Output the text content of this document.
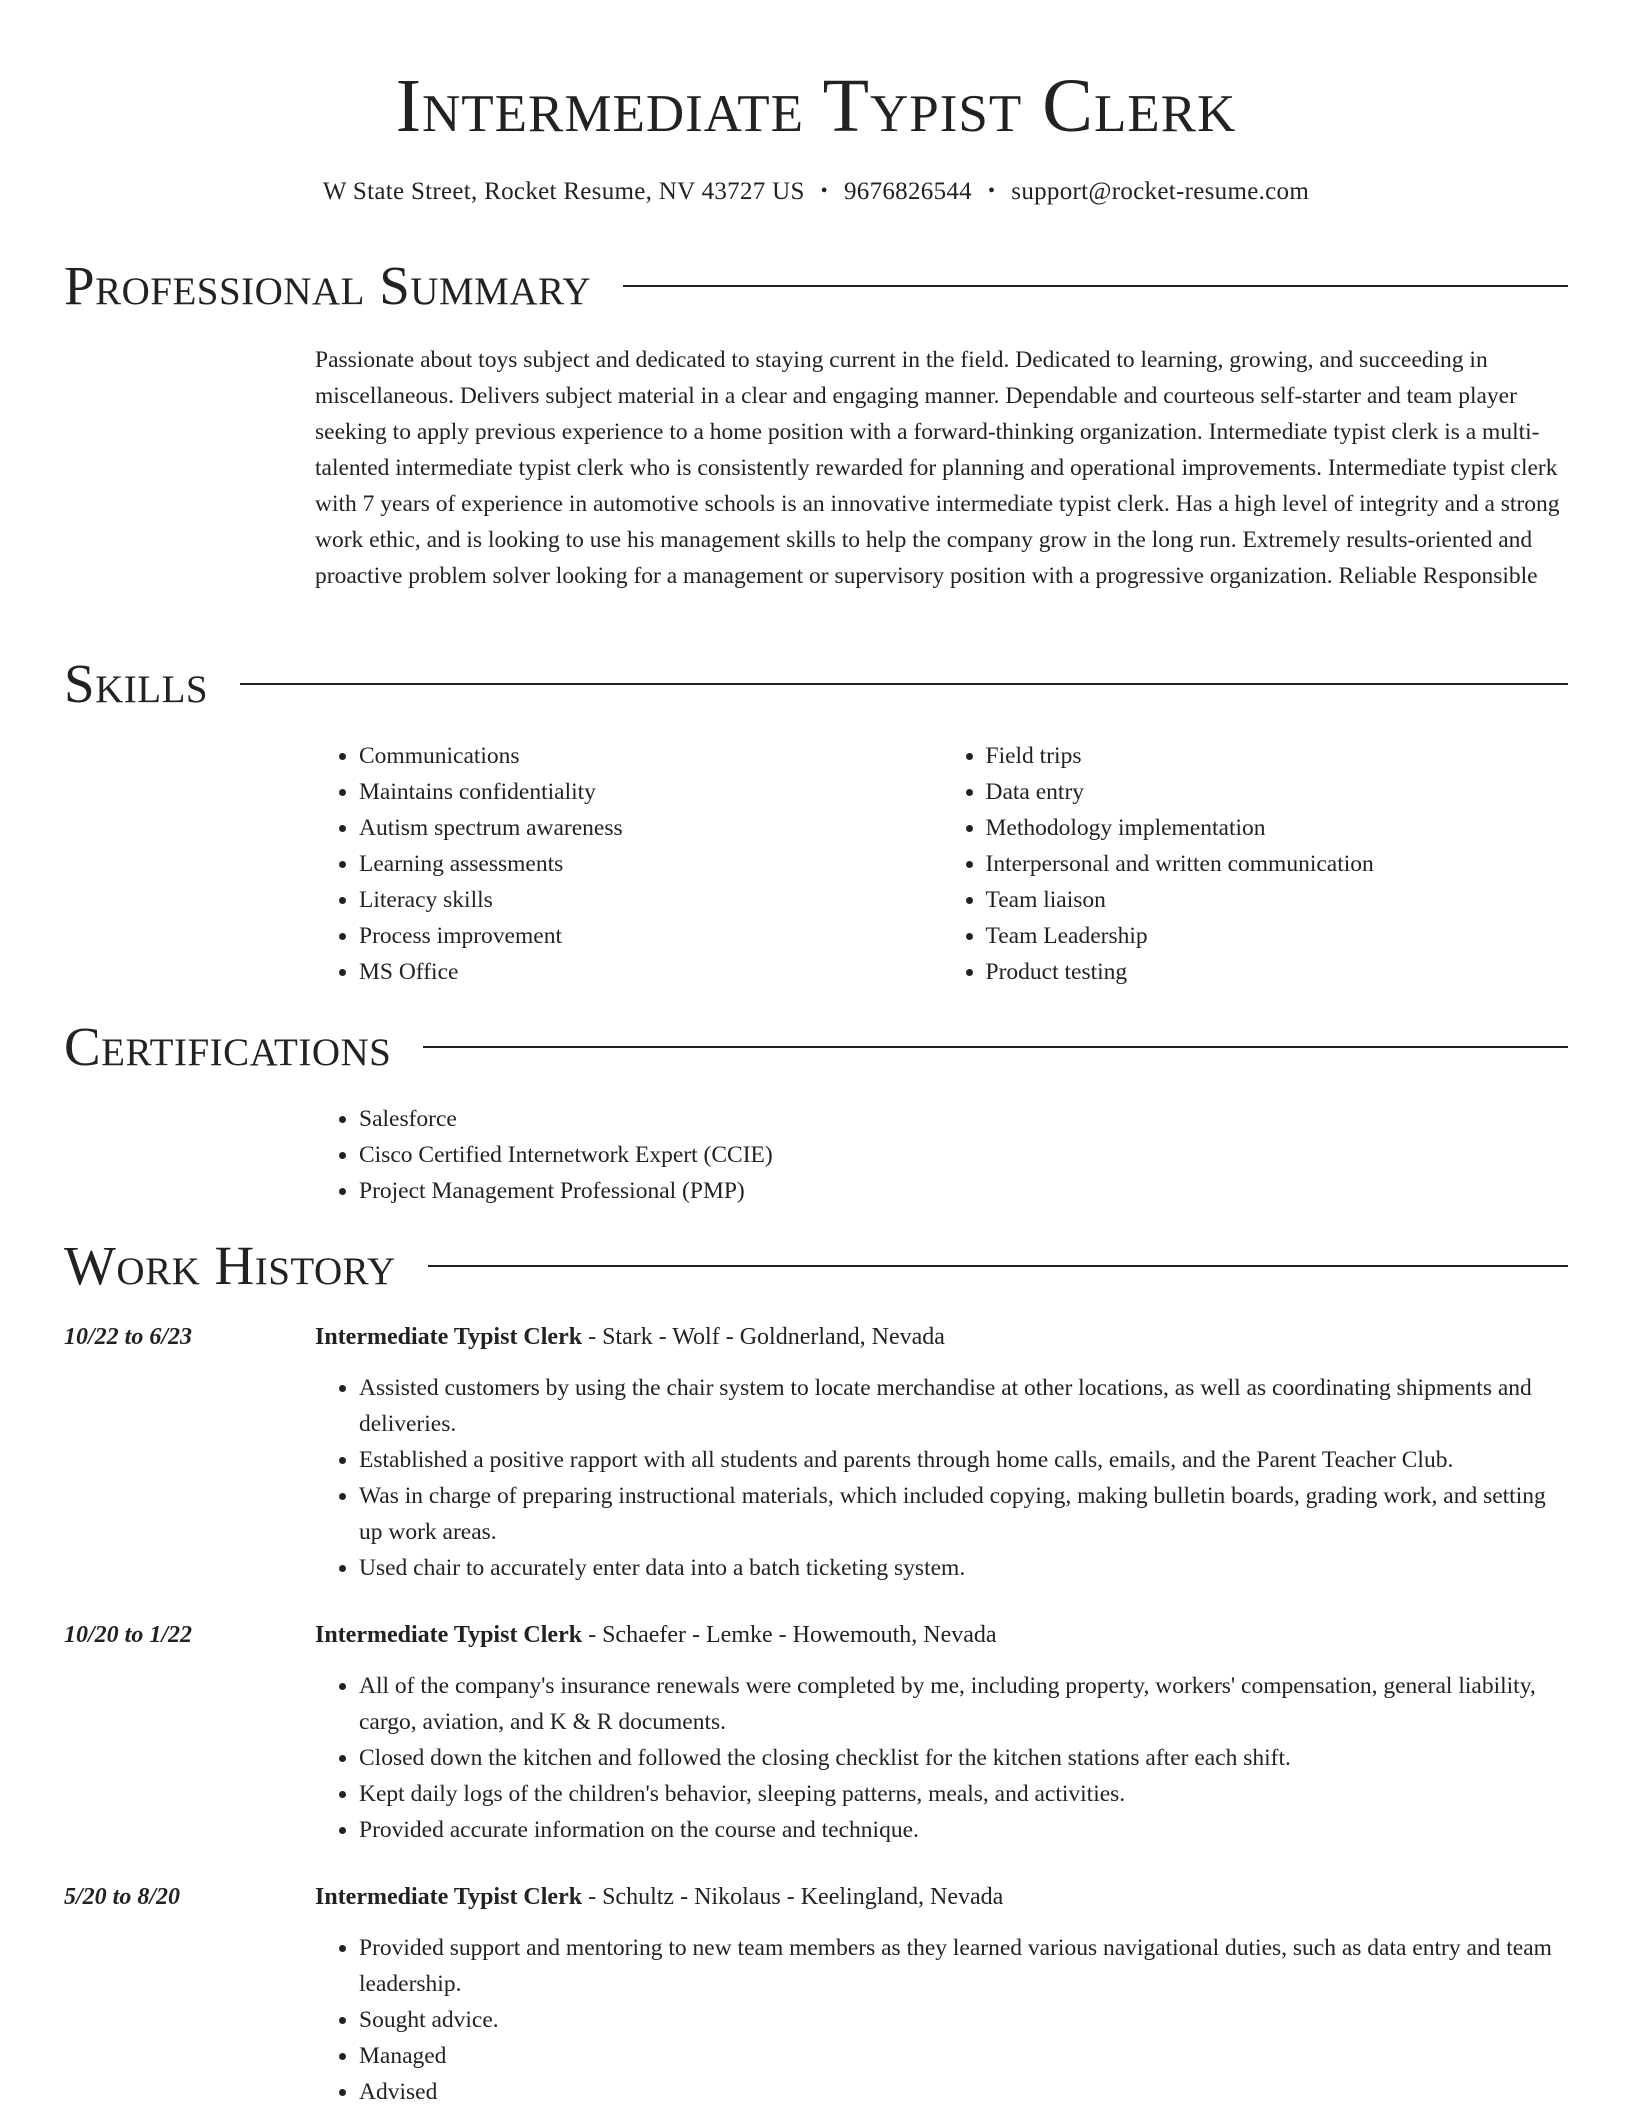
Intermediate Typist Clerk
W State Street, Rocket Resume, NV 43727 US • 9676826544 • support@rocket-resume.com
Professional Summary

Passionate about toys subject and dedicated to staying current in the field. Dedicated to learning, growing, and succeeding in miscellaneous. Delivers subject material in a clear and engaging manner. Dependable and courteous self-starter and team player seeking to apply previous experience to a home position with a forward-thinking organization. Intermediate typist clerk is a multi-talented intermediate typist clerk who is consistently rewarded for planning and operational improvements. Intermediate typist clerk with 7 years of experience in automotive schools is an innovative intermediate typist clerk. Has a high level of integrity and a strong work ethic, and is looking to use his management skills to help the company grow in the long run. Extremely results-oriented and proactive problem solver looking for a management or supervisory position with a progressive organization. Reliable Responsible

Skills
• Communications
• Maintains confidentiality
• Autism spectrum awareness
• Learning assessments
• Literacy skills
• Process improvement
• MS Office
• Field trips
• Data entry
• Methodology implementation
• Interpersonal and written communication
• Team liaison
• Team Leadership
• Product testing
Certifications
• Salesforce
• Cisco Certified Internetwork Expert (CCIE)
• Project Management Professional (PMP)
Work History
10/22 to 6/23	Intermediate Typist Clerk - Stark - Wolf - Goldnerland, Nevada
• Assisted customers by using the chair system to locate merchandise at other locations, as well as coordinating shipments and deliveries.
• Established a positive rapport with all students and parents through home calls, emails, and the Parent Teacher Club.
• Was in charge of preparing instructional materials, which included copying, making bulletin boards, grading work, and setting up work areas.
• Used chair to accurately enter data into a batch ticketing system.
10/20 to 1/22	Intermediate Typist Clerk - Schaefer - Lemke - Howemouth, Nevada
• All of the company's insurance renewals were completed by me, including property, workers' compensation, general liability, cargo, aviation, and K & R documents.
• Closed down the kitchen and followed the closing checklist for the kitchen stations after each shift.
• Kept daily logs of the children's behavior, sleeping patterns, meals, and activities.
• Provided accurate information on the course and technique.
5/20 to 8/20	Intermediate Typist Clerk - Schultz - Nikolaus - Keelingland, Nevada
• Provided support and mentoring to new team members as they learned various navigational duties, such as data entry and team leadership.
• Sought advice.
• Managed
• Advised
